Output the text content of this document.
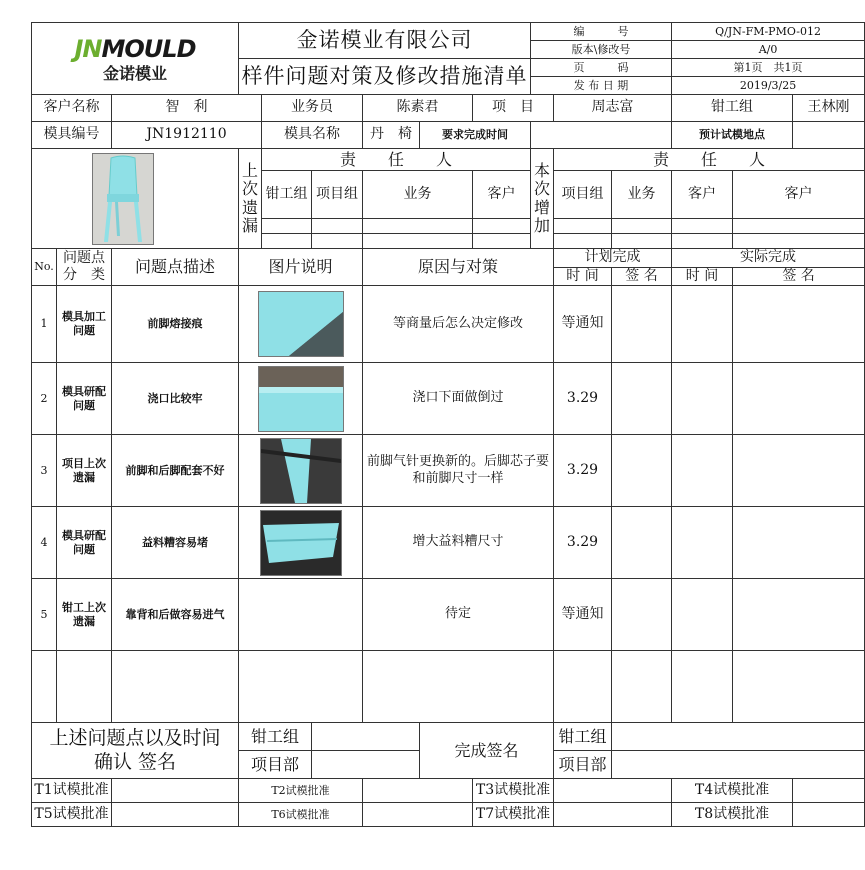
JNMOULD
金诺模业			金诺模业有限公司						编　　　号			Q/JN-FM-PMO-012		
									版本\修改号			A/0		
			样件问题对策及修改措施清单						页　　　码			第1页　共1页		
									发 布 日 期			2019/3/25		
客户名称		智　利		业务员		陈素君		项　目		周志富		钳工组		王林刚
模具编号		JN1912110		模具名称		丹　椅	要求完成时间					预计试模地点		

	上
次
遗
漏	责　　任　　人					本
次
增
加	责　　任　　人				
				钳工组	项目组	业务		客户		项目组	业务	客户	客户	

No.	问题点分　类	问题点描述	图片说明			原因与对策				计划完成		实际完成		
										时 间	签 名	时 间	签 名	
1	模具加工问题	前脚熔接痕				等商量后怎么决定修改				等通知				
2	模具研配问题	浇口比较牢				浇口下面做倒过				3.29				
3	项目上次遗漏	前脚和后脚配套不好				前脚气针更换新的。后脚芯子要和前脚尺寸一样				3.29				
4	模具研配问题	益料糟容易堵				增大益料糟尺寸				3.29				
5	钳工上次遗漏	靠背和后做容易进气				待定				等通知				

上述问题点以及时间 确认 签名			钳工组				完成签名			钳工组				
			项目部							项目部				
T1试模批准			T2试模批准					T3试模批准				T4试模批准		
T5试模批准			T6试模批准					T7试模批准				T8试模批准		
